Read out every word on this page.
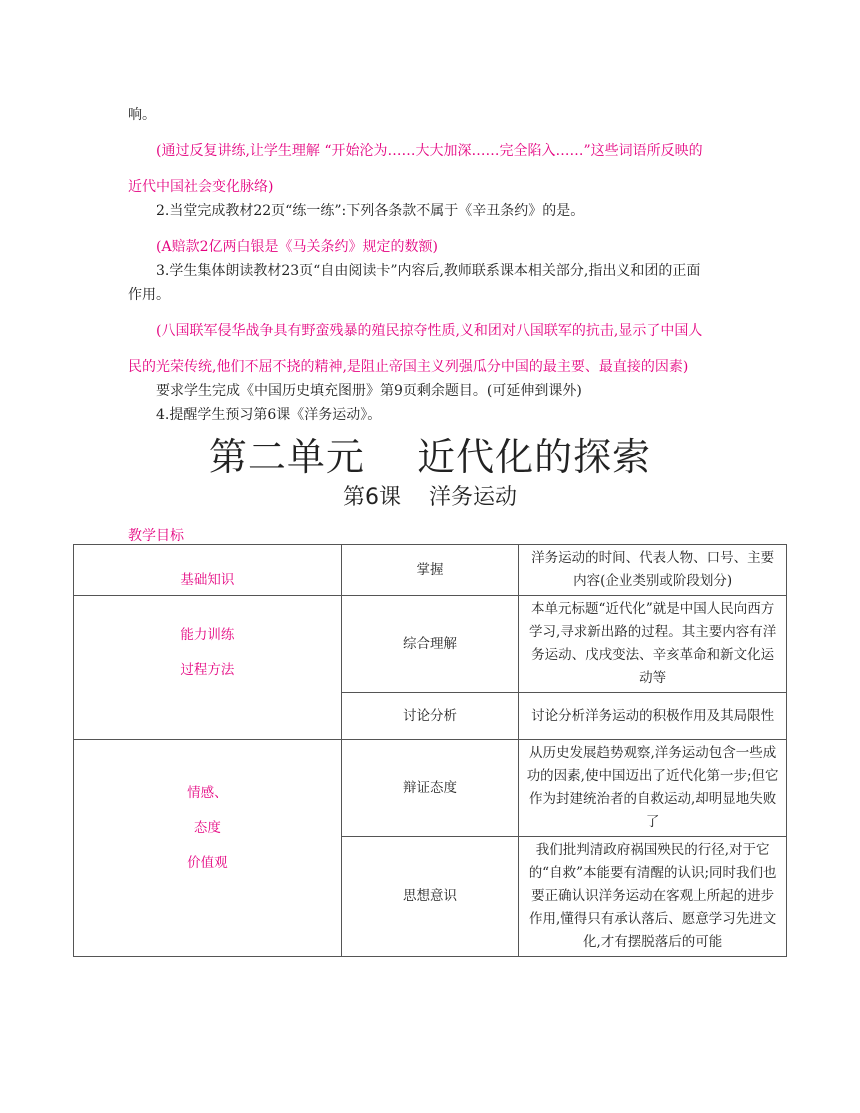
响。
(通过反复讲练,让学生理解 “开始沦为……大大加深……完全陷入……”这些词语所反映的
近代中国社会变化脉络)
2.当堂完成教材22页“练一练”:下列各条款不属于《辛丑条约》的是。
(A赔款2亿两白银是《马关条约》规定的数额)
3.学生集体朗读教材23页“自由阅读卡”内容后,教师联系课本相关部分,指出义和团的正面
作用。
(八国联军侵华战争具有野蛮残暴的殖民掠夺性质,义和团对八国联军的抗击,显示了中国人
民的光荣传统,他们不屈不挠的精神,是阻止帝国主义列强瓜分中国的最主要、最直接的因素)
要求学生完成《中国历史填充图册》第9页剩余题目。(可延伸到课外)
4.提醒学生预习第6课《洋务运动》。
第二单元    近代化的探索
第6课    洋务运动
教学目标
基础知识	掌握	洋务运动的时间、代表人物、口号、主要内容(企业类别或阶段划分)

能力训练
过程方法	综合理解	本单元标题“近代化”就是中国人民向西方学习,寻求新出路的过程。其主要内容有洋务运动、戊戌变法、辛亥革命和新文化运动等
	讨论分析	讨论分析洋务运动的积极作用及其局限性

情感、
态度
价值观	辩证态度	从历史发展趋势观察,洋务运动包含一些成功的因素,使中国迈出了近代化第一步;但它作为封建统治者的自救运动,却明显地失败了
	思想意识	我们批判清政府祸国殃民的行径,对于它的“自救”本能要有清醒的认识;同时我们也要正确认识洋务运动在客观上所起的进步作用,懂得只有承认落后、愿意学习先进文化,才有摆脱落后的可能
